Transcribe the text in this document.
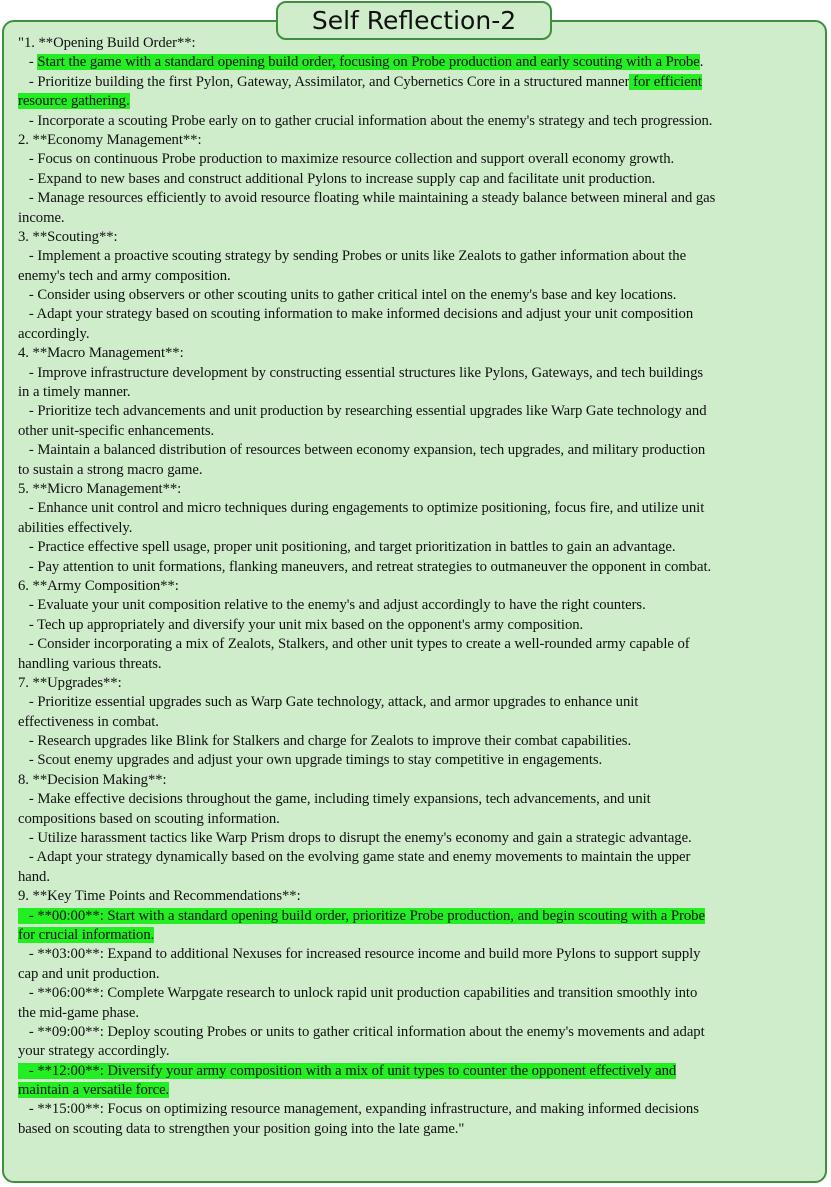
Self Reflection-2
"1. **Opening Build Order**:
- Start the game with a standard opening build order, focusing on Probe production and early scouting with a Probe.
- Prioritize building the first Pylon, Gateway, Assimilator, and Cybernetics Core in a structured manner for efficient
resource gathering.
- Incorporate a scouting Probe early on to gather crucial information about the enemy's strategy and tech progression.
2. **Economy Management**:
- Focus on continuous Probe production to maximize resource collection and support overall economy growth.
- Expand to new bases and construct additional Pylons to increase supply cap and facilitate unit production.
- Manage resources efficiently to avoid resource floating while maintaining a steady balance between mineral and gas
income.
3. **Scouting**:
- Implement a proactive scouting strategy by sending Probes or units like Zealots to gather information about the
enemy's tech and army composition.
- Consider using observers or other scouting units to gather critical intel on the enemy's base and key locations.
- Adapt your strategy based on scouting information to make informed decisions and adjust your unit composition
accordingly.
4. **Macro Management**:
- Improve infrastructure development by constructing essential structures like Pylons, Gateways, and tech buildings
in a timely manner.
- Prioritize tech advancements and unit production by researching essential upgrades like Warp Gate technology and
other unit-specific enhancements.
- Maintain a balanced distribution of resources between economy expansion, tech upgrades, and military production
to sustain a strong macro game.
5. **Micro Management**:
- Enhance unit control and micro techniques during engagements to optimize positioning, focus fire, and utilize unit
abilities effectively.
- Practice effective spell usage, proper unit positioning, and target prioritization in battles to gain an advantage.
- Pay attention to unit formations, flanking maneuvers, and retreat strategies to outmaneuver the opponent in combat.
6. **Army Composition**:
- Evaluate your unit composition relative to the enemy's and adjust accordingly to have the right counters.
- Tech up appropriately and diversify your unit mix based on the opponent's army composition.
- Consider incorporating a mix of Zealots, Stalkers, and other unit types to create a well-rounded army capable of
handling various threats.
7. **Upgrades**:
- Prioritize essential upgrades such as Warp Gate technology, attack, and armor upgrades to enhance unit
effectiveness in combat.
- Research upgrades like Blink for Stalkers and charge for Zealots to improve their combat capabilities.
- Scout enemy upgrades and adjust your own upgrade timings to stay competitive in engagements.
8. **Decision Making**:
- Make effective decisions throughout the game, including timely expansions, tech advancements, and unit
compositions based on scouting information.
- Utilize harassment tactics like Warp Prism drops to disrupt the enemy's economy and gain a strategic advantage.
- Adapt your strategy dynamically based on the evolving game state and enemy movements to maintain the upper
hand.
9. **Key Time Points and Recommendations**:
- **00:00**: Start with a standard opening build order, prioritize Probe production, and begin scouting with a Probe
for crucial information.
- **03:00**: Expand to additional Nexuses for increased resource income and build more Pylons to support supply
cap and unit production.
- **06:00**: Complete Warpgate research to unlock rapid unit production capabilities and transition smoothly into
the mid-game phase.
- **09:00**: Deploy scouting Probes or units to gather critical information about the enemy's movements and adapt
your strategy accordingly.
- **12:00**: Diversify your army composition with a mix of unit types to counter the opponent effectively and
maintain a versatile force.
- **15:00**: Focus on optimizing resource management, expanding infrastructure, and making informed decisions
based on scouting data to strengthen your position going into the late game."
